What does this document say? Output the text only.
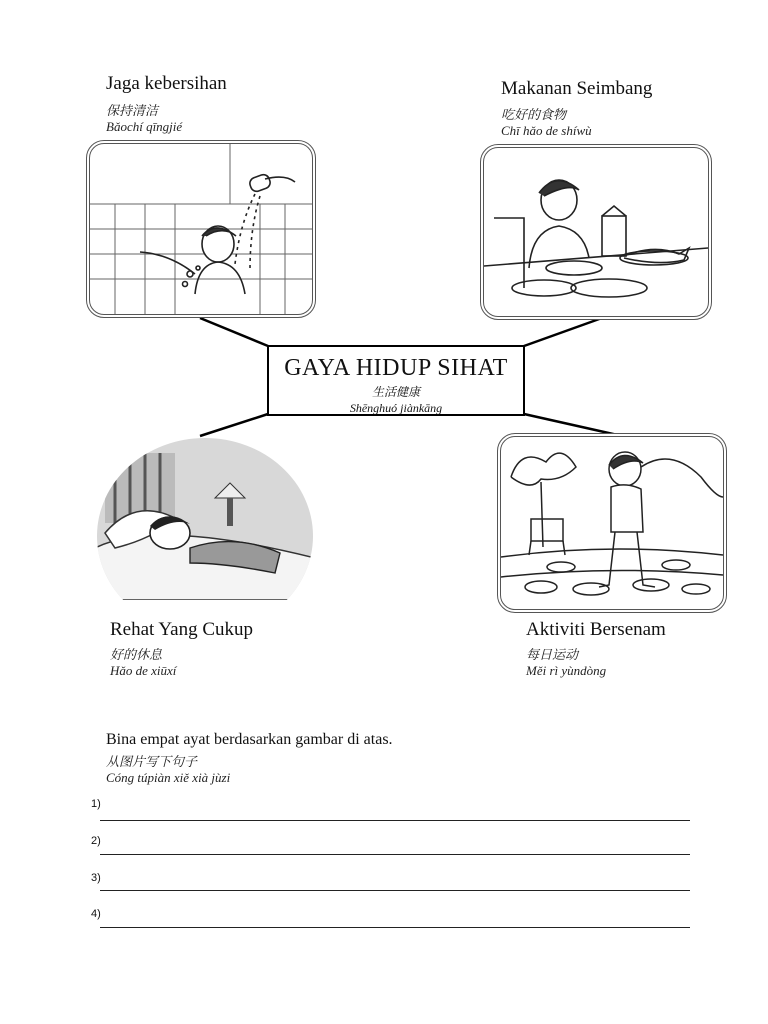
Jaga kebersihan
保持清洁
Bǎochí qīngjié
Makanan Seimbang
吃好的食物
Chī hǎo de shíwù
GAYA HIDUP SIHAT
生活健康
Shēnghuó jiànkāng
Rehat Yang Cukup
好的休息
Hǎo de xiūxí
Aktiviti Bersenam
每日运动
Měi rì yùndòng
Bina empat ayat berdasarkan gambar di atas.
从图片写下句子
Cóng túpiàn xiě xià jùzi
1)
2)
3)
4)
